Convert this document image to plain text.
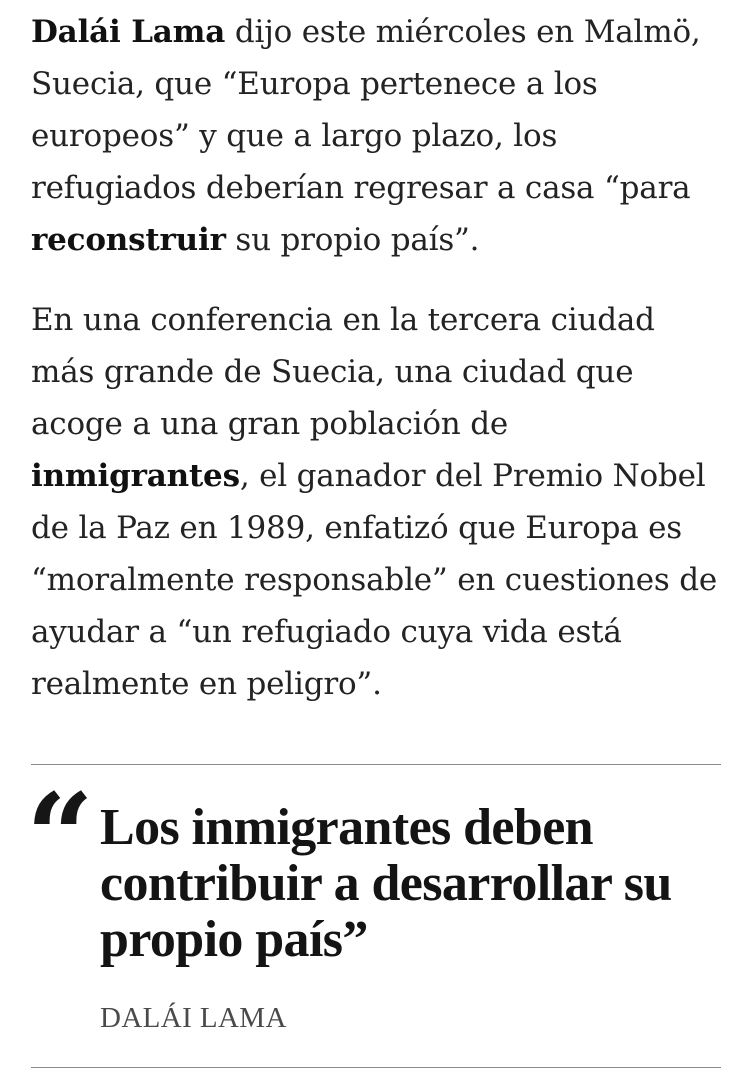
Dalái Lama dijo este miércoles en Malmö, Suecia, que “Europa pertenece a los europeos” y que a largo plazo, los refugiados deberían regresar a casa “para reconstruir su propio país”.

En una conferencia en la tercera ciudad más grande de Suecia, una ciudad que acoge a una gran población de inmigrantes, el ganador del Premio Nobel de la Paz en 1989, enfatizó que Europa es “moralmente responsable” en cuestiones de ayudar a “un refugiado cuya vida está realmente en peligro”.

“ Los inmigrantes deben contribuir a desarrollar su propio país”

DALÁI LAMA
